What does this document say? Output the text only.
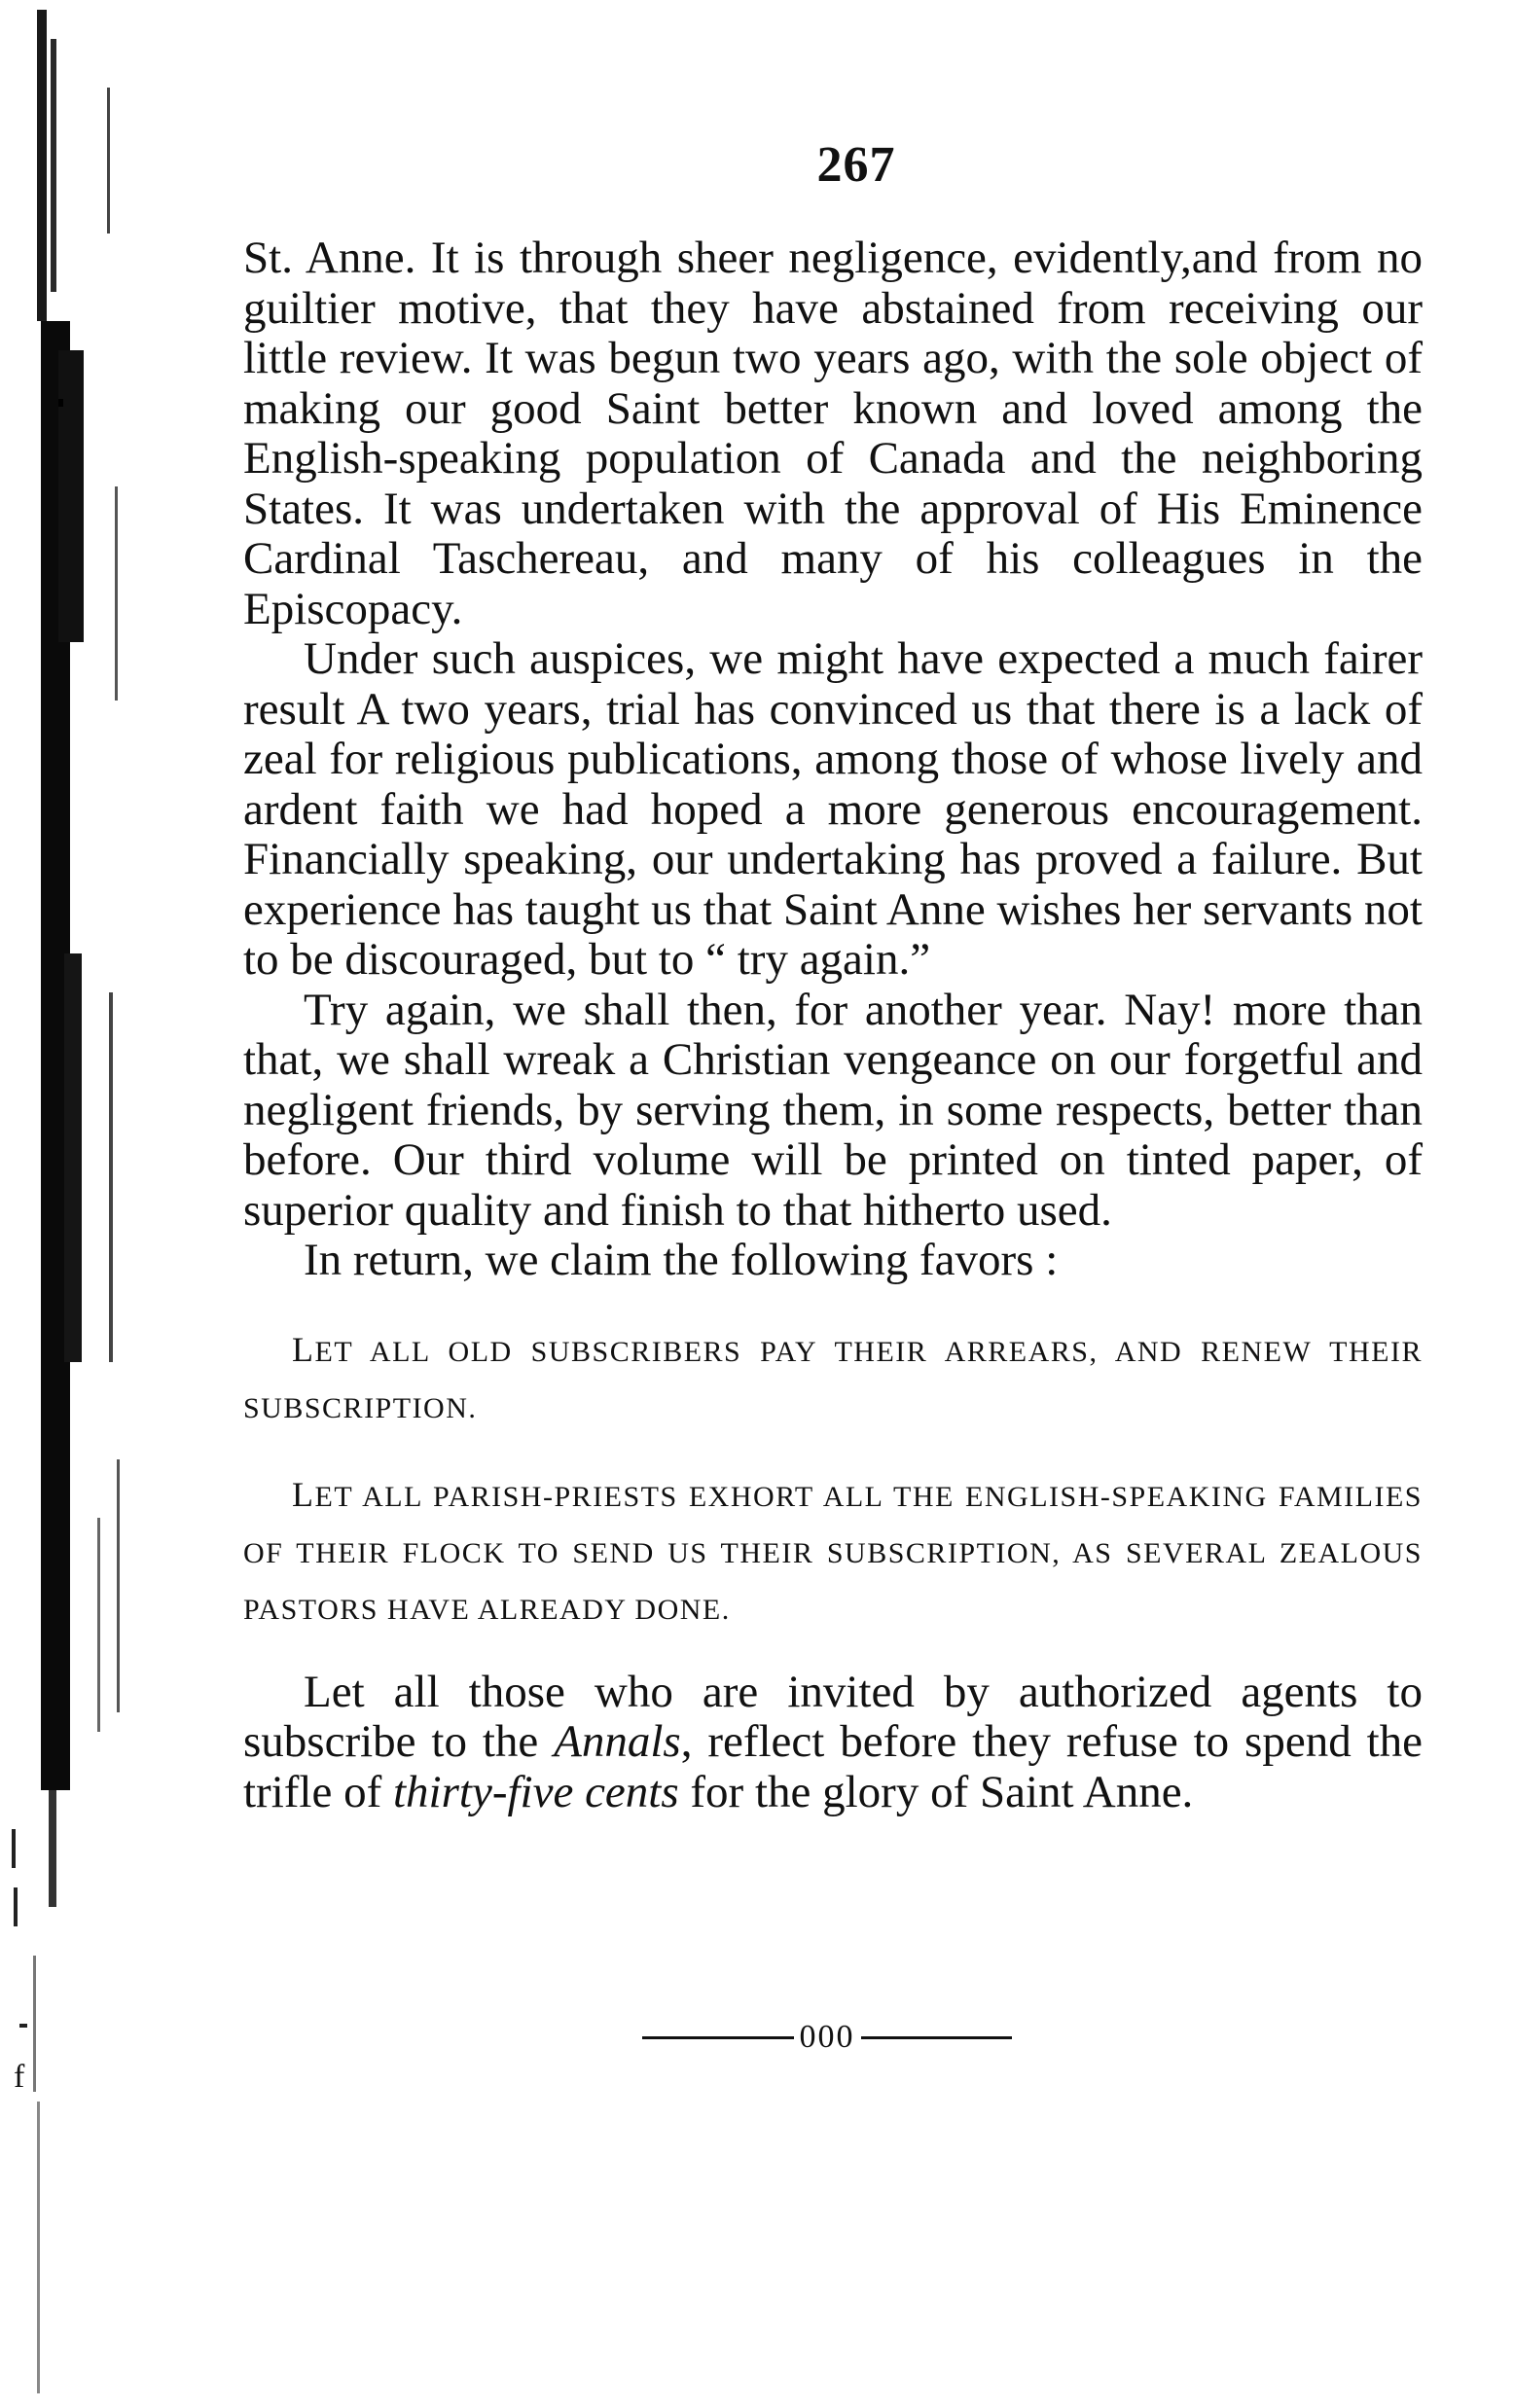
f
267

St. Anne. It is through sheer negligence, evidently,and from no guiltier motive, that they have abstained from receiving our little review. It was begun two years ago, with the sole object of making our good Saint better known and loved among the English-speaking population of Canada and the neighboring States. It was undertaken with the approval of His Eminence Cardinal Taschereau, and many of his colleagues in the Episcopacy.

Under such auspices, we might have expected a much fairer result A two years, trial has convinced us that there is a lack of zeal for religious publications, among those of whose lively and ardent faith we had hoped a more generous encouragement. Financially speaking, our undertaking has proved a failure. But experience has taught us that Saint Anne wishes her servants not to be discouraged, but to “ try again.”

Try again, we shall then, for another year. Nay! more than that, we shall wreak a Christian vengeance on our forgetful and negligent friends, by serving them, in some respects, better than before. Our third volume will be printed on tinted paper, of superior quality and finish to that hitherto used.

In return, we claim the following favors :

LET ALL OLD SUBSCRIBERS PAY THEIR ARREARS, AND RENEW THEIR SUBSCRIPTION.

LET ALL PARISH-PRIESTS EXHORT ALL THE ENGLISH-SPEAKING FAMILIES OF THEIR FLOCK TO SEND US THEIR SUBSCRIPTION, AS SEVERAL ZEALOUS PASTORS HAVE ALREADY DONE.

Let all those who are invited by authorized agents to subscribe to the Annals, reflect before they refuse to spend the trifle of thirty-five cents for the glory of Saint Anne.

000
